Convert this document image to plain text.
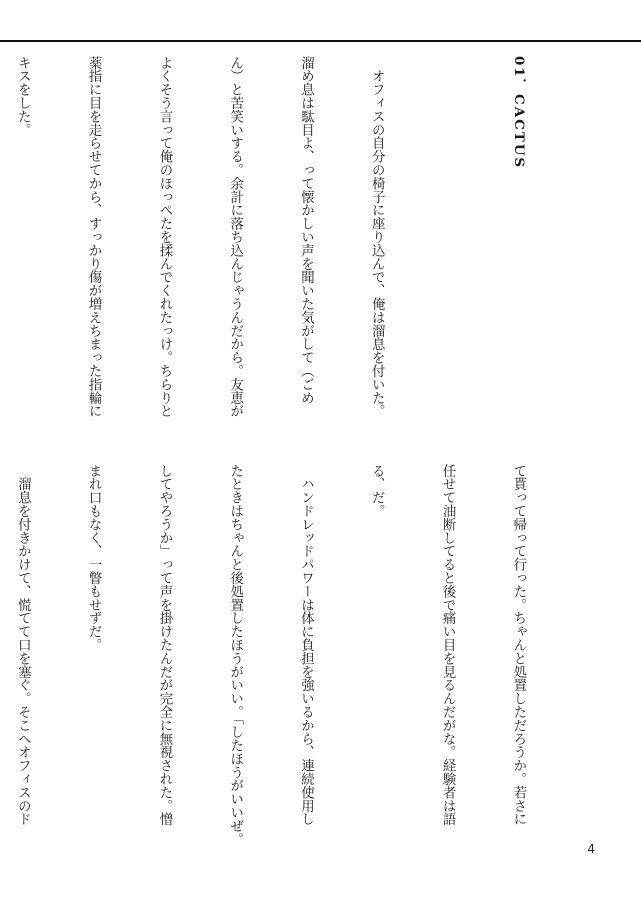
01．CACTUS

　オフィスの自分の椅子に座り込んで、俺は溜息を付いた。

溜め息は駄目よ、って懐かしい声を聞いた気がして（ごめ

ん）と苦笑いする。余計に落ち込んじゃうんだから。友恵が

よくそう言って俺のほっぺたを揉んでくれたっけ。ちらりと

薬指に目を走らせてから、すっかり傷が増えちまった指輪に

キスをした。

て貰って帰って行った。ちゃんと処置しただろうか。若さに

任せて油断してると後で痛い目を見るんだがな。経験者は語

る、だ。

　ハンドレッドパワーは体に負担を強いるから、連続使用し

たときはちゃんと後処置したほうがいい。「したほうがいいぜ。

してやろうか」って声を掛けたんだが完全に無視された。憎

まれ口もなく、一瞥もせずだ。

　溜息を付きかけて、慌てて口を塞ぐ。そこへオフィスのド

4
